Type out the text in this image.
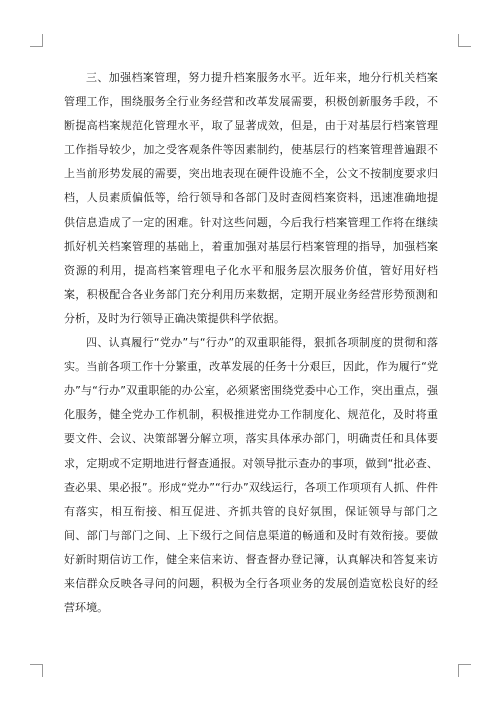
三、加强档案管理，努力提升档案服务水平。近年来，地分行机关档案管理工作，围绕服务全行业务经营和改革发展需要，积极创新服务手段，不断提高档案规范化管理水平，取了显著成效，但是，由于对基层行档案管理工作指导较少，加之受客观条件等因素制约，使基层行的档案管理普遍跟不上当前形势发展的需要，突出地表现在硬件设施不全，公文不按制度要求归档，人员素质偏低等，给行领导和各部门及时查阅档案资料，迅速准确地提供信息造成了一定的困难。针对这些问题，今后我行档案管理工作将在继续抓好机关档案管理的基础上，着重加强对基层行档案管理的指导，加强档案资源的利用，提高档案管理电子化水平和服务层次服务价值，管好用好档案，积极配合各业务部门充分利用历来数据，定期开展业务经营形势预测和分析，及时为行领导正确决策提供科学依据。

四、认真履行“党办”与“行办”的双重职能得，狠抓各项制度的贯彻和落实。当前各项工作十分繁重，改革发展的任务十分艰巨，因此，作为履行“党办”与“行办”双重职能的办公室，必须紧密围绕党委中心工作，突出重点，强化服务，健全党办工作机制，积极推进党办工作制度化、规范化，及时将重要文件、会议、决策部署分解立项，落实具体承办部门，明确责任和具体要求，定期或不定期地进行督查通报。对领导批示查办的事项，做到“批必查、查必果、果必报”。形成“党办”“行办”双线运行，各项工作项项有人抓、件件有落实，相互衔接、相互促进、齐抓共管的良好氛围，保证领导与部门之间、部门与部门之间、上下级行之间信息渠道的畅通和及时有效衔接。要做好新时期信访工作，健全来信来访、督查督办登记簿，认真解决和答复来访来信群众反映各寻问的问题，积极为全行各项业务的发展创造宽松良好的经营环境。
